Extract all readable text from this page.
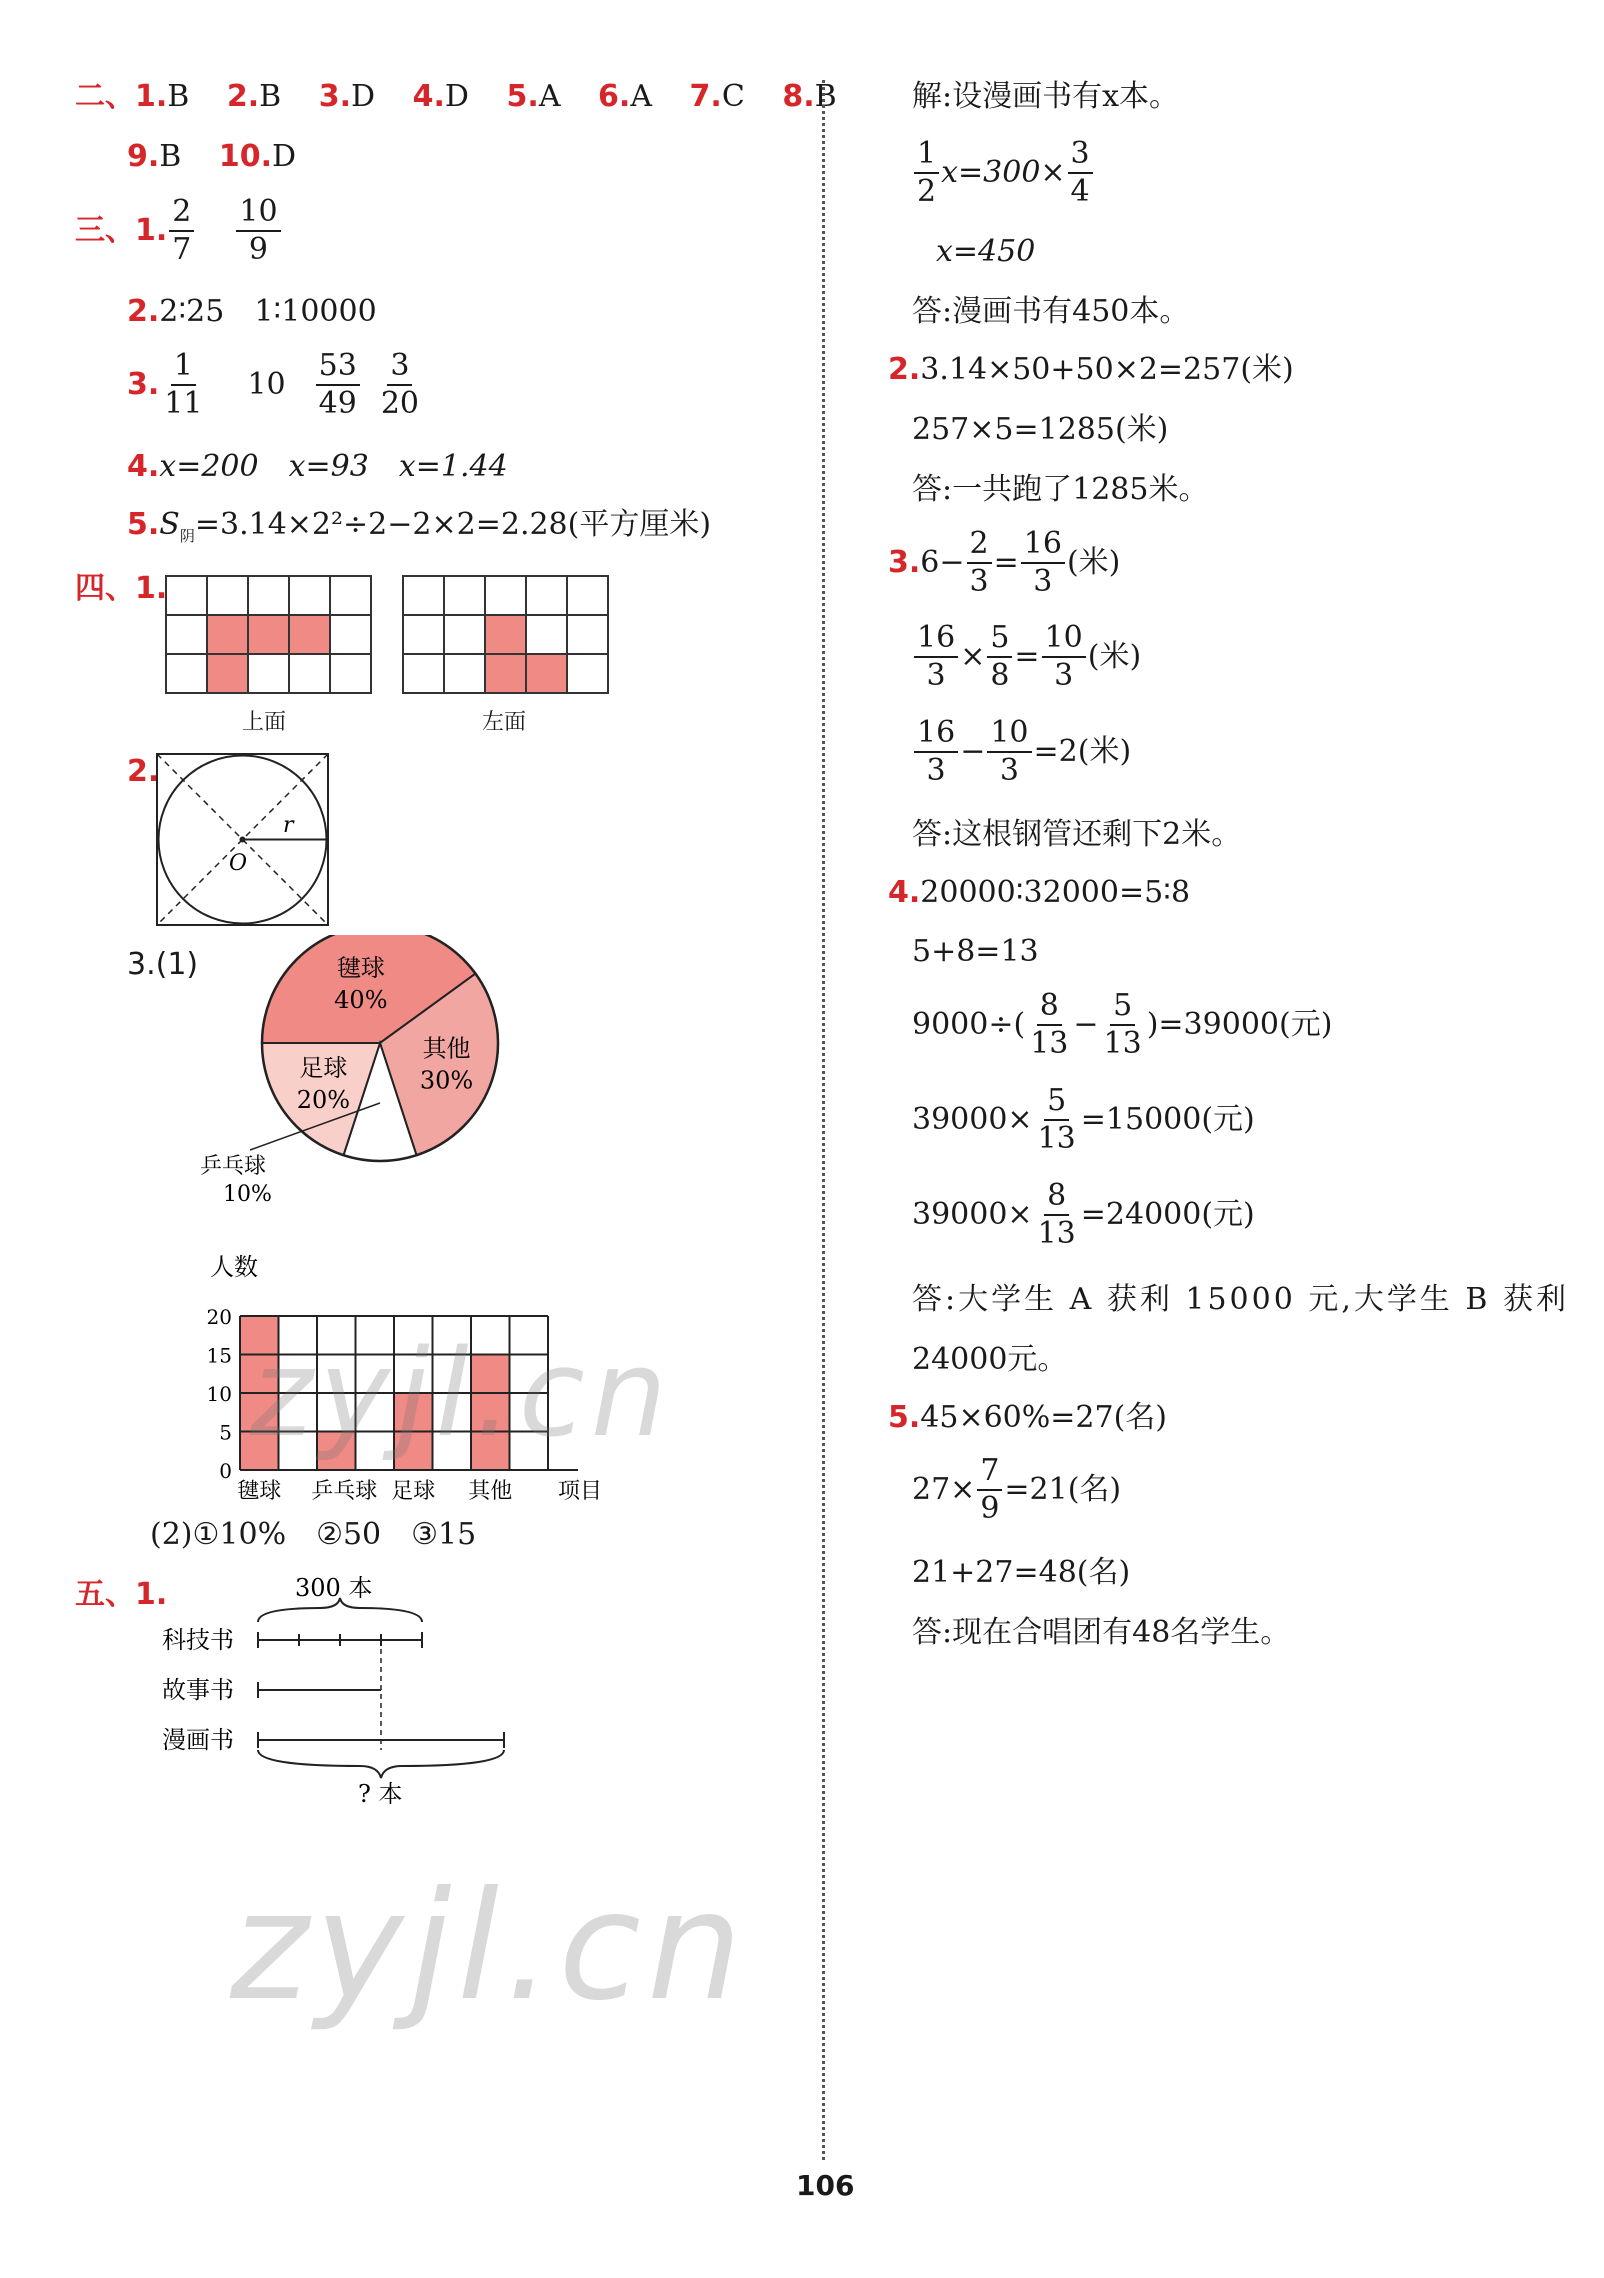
二、1.B 2.B 3.D 4.D 5.A 6.A 7.C 8.B
9.B 10.D
三、 1. $\frac{2}{7} \frac{10}{9}$
2.2∶25　1∶10000
3. $\frac{1}{11} 10 \frac{53}{49} \frac{3}{20}$
4.x=200　x=93　x=1.44
$5.S_阴=3.14\times 2^2\div 2-2\times 2=2.28$(平方厘米)
四、1.

上面	左面
2.
r
O
3.(1)	毽球
40%
其他
30%
足球
20%
乒乓球
10%
20
15
10
5
0
人数
毽球 乒乓球 足球 其他 项目
(2)①10%　②50　③15
五、1.	300 本
科技书
故事书
漫画书
? 本
解:设漫画书有x本。
$\frac{1}{2} x=300\times \frac{3}{4}$
x=450
答:漫画书有450本。
2.3.14×50+50×2=257(米)
257×5=1285(米)
答:一共跑了1285米。
3. $6- \frac{2}{3} = \frac{16}{3}$ (米)
$\frac{16}{3} \times \frac{5}{8} = \frac{10}{3}$ (米)
$\frac{16}{3} - \frac{10}{3} =2$(米)
答:这根钢管还剩下2米。
4.20000∶32000=5∶8
5+8=13
$9000\div( \frac{8}{13} - \frac{5}{13} )=39000$(元)
$39000\times \frac{5}{13} =15000$(元)
$39000\times \frac{8}{13} =24000$(元)
答:大学生 A 获利 15000 元,大学生 B 获利
24000元。
5.45×60%=27(名)
$27\times \frac{7}{9} =21$(名)
21+27=48(名)
答:现在合唱团有48名学生。
zyjl.cn
zyjl.cn
106
